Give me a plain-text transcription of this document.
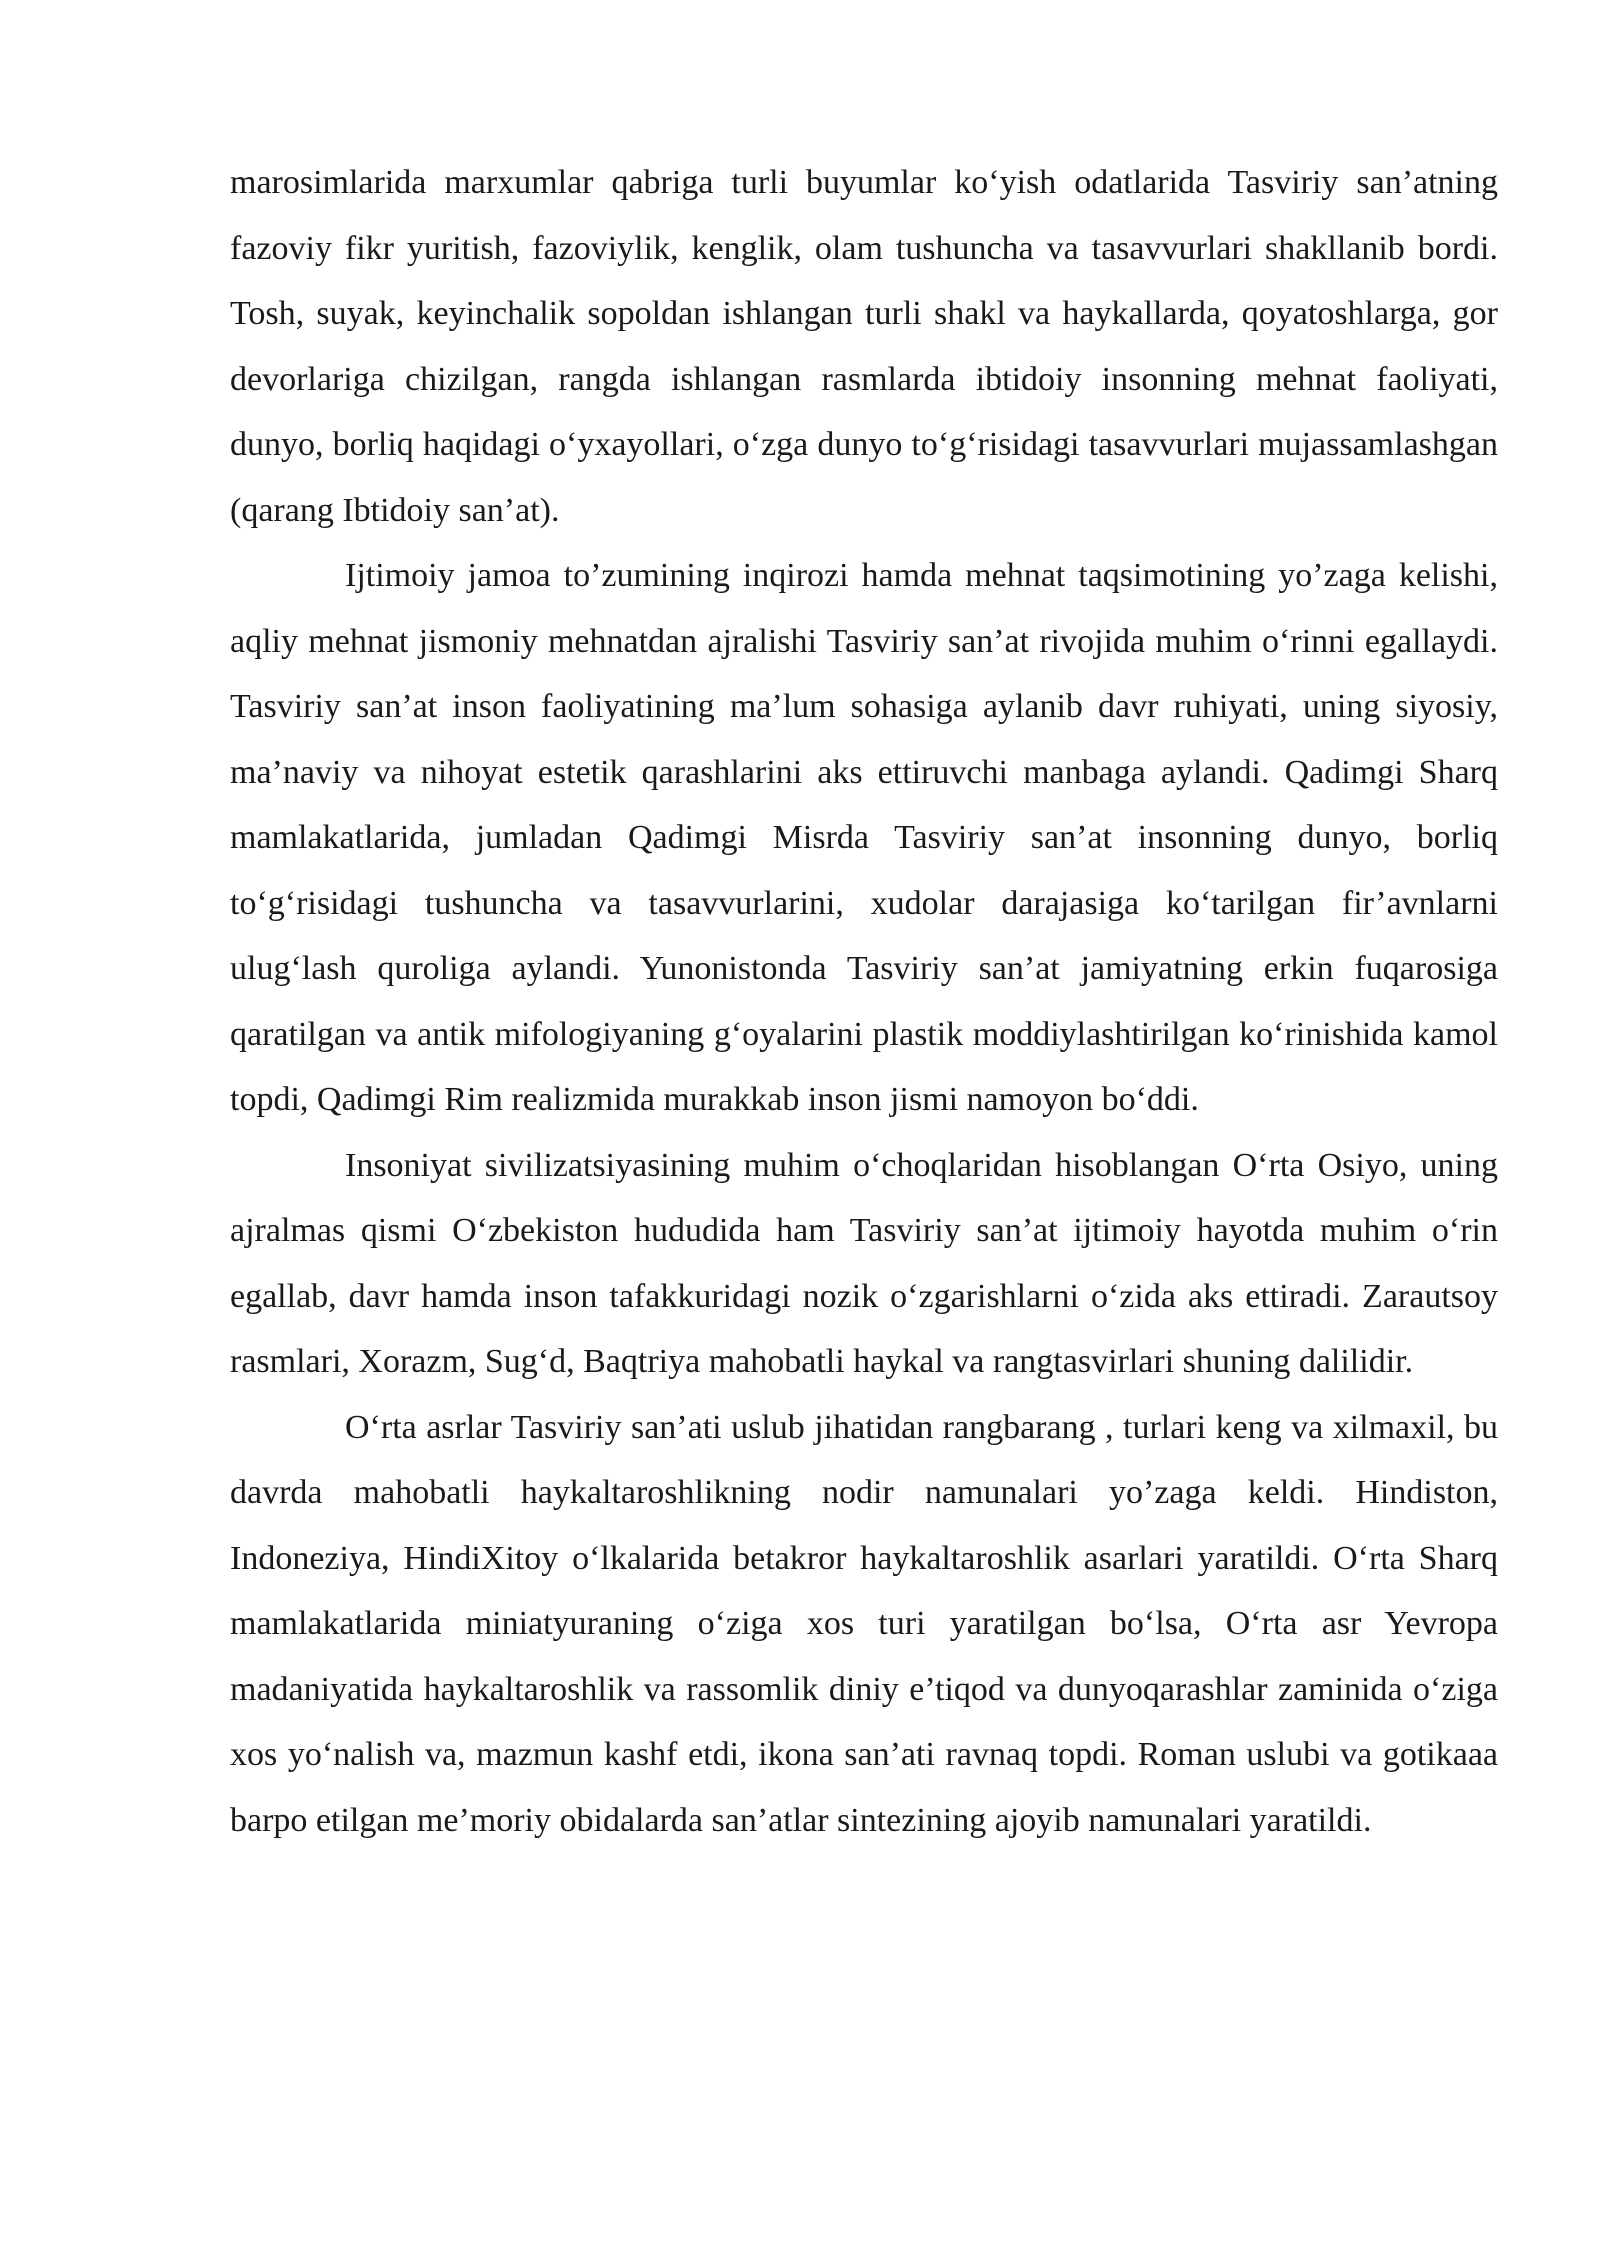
marosimlarida marxumlar qabriga turli buyumlar ko‘yish odatlarida Tasviriy san’atning fazoviy fikr yuritish, fazoviylik, kenglik, olam tushuncha va tasavvurlari shakllanib bordi. Tosh, suyak, keyinchalik sopoldan ishlangan turli shakl va haykallarda, qoyatoshlarga, gor devorlariga chizilgan, rangda ishlangan rasmlarda ibtidoiy insonning mehnat faoliyati, dunyo, borliq haqidagi o‘yxayollari, o‘zga dunyo to‘g‘risidagi tasavvurlari mujassamlashgan (qarang Ibtidoiy san’at).

Ijtimoiy jamoa to’zumining inqirozi hamda mehnat taqsimotining yo’zaga kelishi, aqliy mehnat jismoniy mehnatdan ajralishi Tasviriy san’at rivojida muhim o‘rinni egallaydi. Tasviriy san’at inson faoliyatining ma’lum sohasiga aylanib davr ruhiyati, uning siyosiy, ma’naviy va nihoyat estetik qarashlarini aks ettiruvchi manbaga aylandi. Qadimgi Sharq mamlakatlarida, jumladan Qadimgi Misrda Tasviriy san’at insonning dunyo, borliq to‘g‘risidagi tushuncha va tasavvurlarini, xudolar darajasiga ko‘tarilgan fir’avnlarni ulug‘lash quroliga aylandi. Yunonistonda Tasviriy san’at jamiyatning erkin fuqarosiga qaratilgan va antik mifologiyaning g‘oyalarini plastik moddiylashtirilgan ko‘rinishida kamol topdi, Qadimgi Rim realizmida murakkab inson jismi namoyon bo‘ddi.

Insoniyat sivilizatsiyasining muhim o‘choqlaridan hisoblangan O‘rta Osiyo, uning ajralmas qismi O‘zbekiston hududida ham Tasviriy san’at ijtimoiy hayotda muhim o‘rin egallab, davr hamda inson tafakkuridagi nozik o‘zgarishlarni o‘zida aks ettiradi. Zarautsoy rasmlari, Xorazm, Sug‘d, Baqtriya mahobatli haykal va rangtasvirlari shuning dalilidir.

O‘rta asrlar Tasviriy san’ati uslub jihatidan rangbarang , turlari keng va xilmaxil, bu davrda mahobatli haykaltaroshlikning nodir namunalari yo’zaga keldi. Hindiston, Indoneziya, HindiXitoy o‘lkalarida betakror haykaltaroshlik asarlari yaratildi. O‘rta Sharq mamlakatlarida miniatyuraning o‘ziga xos turi yaratilgan bo‘lsa, O‘rta asr Yevropa madaniyatida haykaltaroshlik va rassomlik diniy e’tiqod va dunyoqarashlar zaminida o‘ziga xos yo‘nalish va, mazmun kashf etdi, ikona san’ati ravnaq topdi. Roman uslubi va gotikaaa barpo etilgan me’moriy obidalarda san’atlar sintezining ajoyib namunalari yaratildi.
